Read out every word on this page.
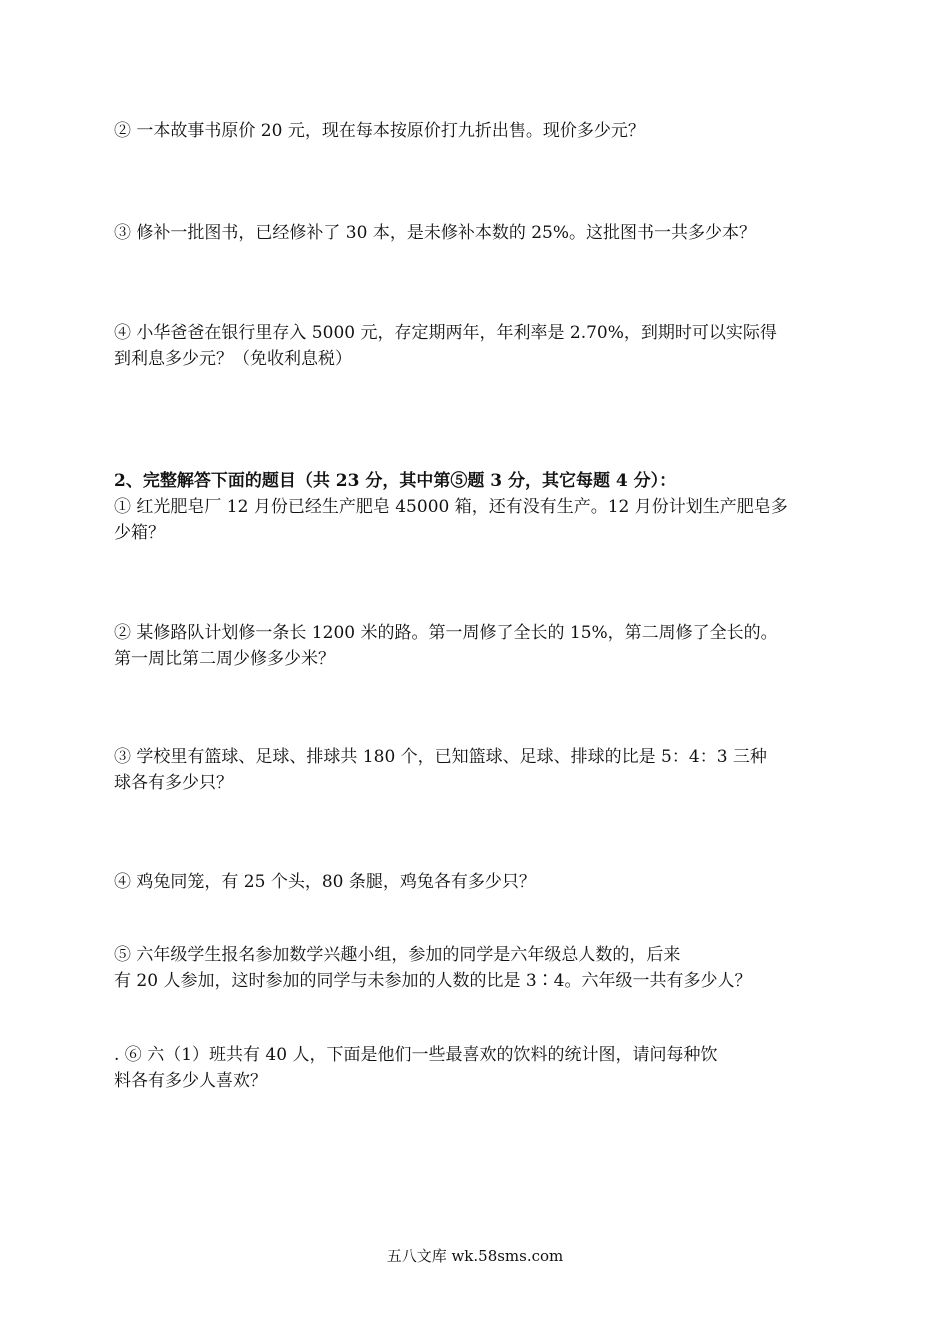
② 一本故事书原价 20 元，现在每本按原价打九折出售。现价多少元？
③ 修补一批图书，已经修补了 30 本，是未修补本数的 25%。这批图书一共多少本？
④ 小华爸爸在银行里存入 5000 元，存定期两年，年利率是 2.70%，到期时可以实际得
到利息多少元？（免收利息税）
2、完整解答下面的题目（共 23 分，其中第⑤题 3 分，其它每题 4 分）：
① 红光肥皂厂 12 月份已经生产肥皂 45000 箱，还有没有生产。12 月份计划生产肥皂多
少箱？
② 某修路队计划修一条长 1200 米的路。第一周修了全长的 15%，第二周修了全长的。
第一周比第二周少修多少米？
③ 学校里有篮球、足球、排球共 180 个，已知篮球、足球、排球的比是 5：4：3 三种
球各有多少只？
④ 鸡兔同笼，有 25 个头，80 条腿，鸡兔各有多少只？
⑤ 六年级学生报名参加数学兴趣小组，参加的同学是六年级总人数的，后来
有 20 人参加，这时参加的同学与未参加的人数的比是 3∶4。六年级一共有多少人？
. ⑥ 六（1）班共有 40 人，下面是他们一些最喜欢的饮料的统计图，请问每种饮
料各有多少人喜欢？
五八文库 wk.58sms.com
